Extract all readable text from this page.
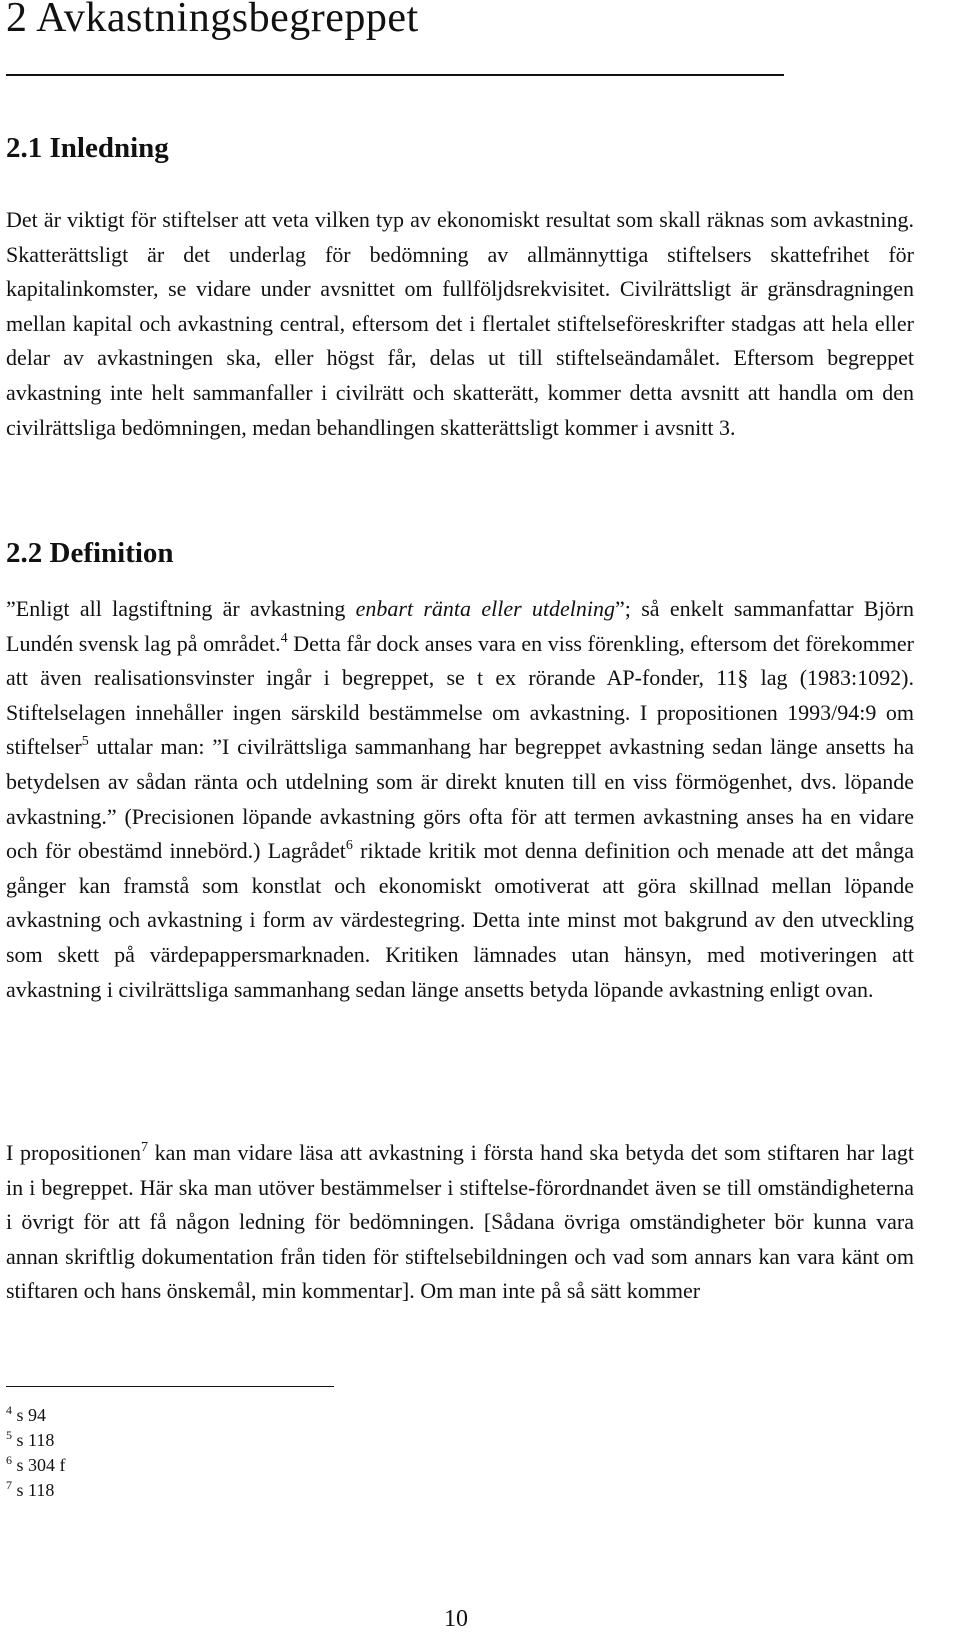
2 Avkastningsbegreppet
2.1 Inledning

Det är viktigt för stiftelser att veta vilken typ av ekonomiskt resultat som skall räknas som avkastning. Skatterättsligt är det underlag för bedömning av allmännyttiga stiftelsers skattefrihet för kapitalinkomster, se vidare under avsnittet om fullföljdsrekvisitet. Civilrättsligt är gränsdragningen mellan kapital och avkastning central, eftersom det i flertalet stiftelseföreskrifter stadgas att hela eller delar av avkastningen ska, eller högst får, delas ut till stiftelseändamålet. Eftersom begreppet avkastning inte helt sammanfaller i civilrätt och skatterätt, kommer detta avsnitt att handla om den civilrättsliga bedömningen, medan behandlingen skatterättsligt kommer i avsnitt 3.

2.2 Definition

”Enligt all lagstiftning är avkastning enbart ränta eller utdelning”; så enkelt sammanfattar Björn Lundén svensk lag på området.$^4$ Detta får dock anses vara en viss förenkling, eftersom det förekommer att även realisationsvinster ingår i begreppet, se t ex rörande AP-fonder, 11§ lag (1983:1092). Stiftelselagen innehåller ingen särskild bestämmelse om avkastning. I propositionen 1993/94:9 om stiftelser$^5$ uttalar man: ”I civilrättsliga sammanhang har begreppet avkastning sedan länge ansetts ha betydelsen av sådan ränta och utdelning som är direkt knuten till en viss förmögenhet, dvs. löpande avkastning.” (Precisionen löpande avkastning görs ofta för att termen avkastning anses ha en vidare och för obestämd innebörd.) Lagrådet$^6$ riktade kritik mot denna definition och menade att det många gånger kan framstå som konstlat och ekonomiskt omotiverat att göra skillnad mellan löpande avkastning och avkastning i form av värdestegring. Detta inte minst mot bakgrund av den utveckling som skett på värdepappersmarknaden. Kritiken lämnades utan hänsyn, med motiveringen att avkastning i civilrättsliga sammanhang sedan länge ansetts betyda löpande avkastning enligt ovan.

I propositionen$^7$ kan man vidare läsa att avkastning i första hand ska betyda det som stiftaren har lagt in i begreppet. Här ska man utöver bestämmelser i stiftelse-förordnandet även se till omständigheterna i övrigt för att få någon ledning för bedömningen. [Sådana övriga omständigheter bör kunna vara annan skriftlig dokumentation från tiden för stiftelsebildningen och vad som annars kan vara känt om stiftaren och hans önskemål, min kommentar]. Om man inte på så sätt kommer

$^4$ s 94
$^5$ s 118
$^6$ s 304 f
$^7$ s 118
10
